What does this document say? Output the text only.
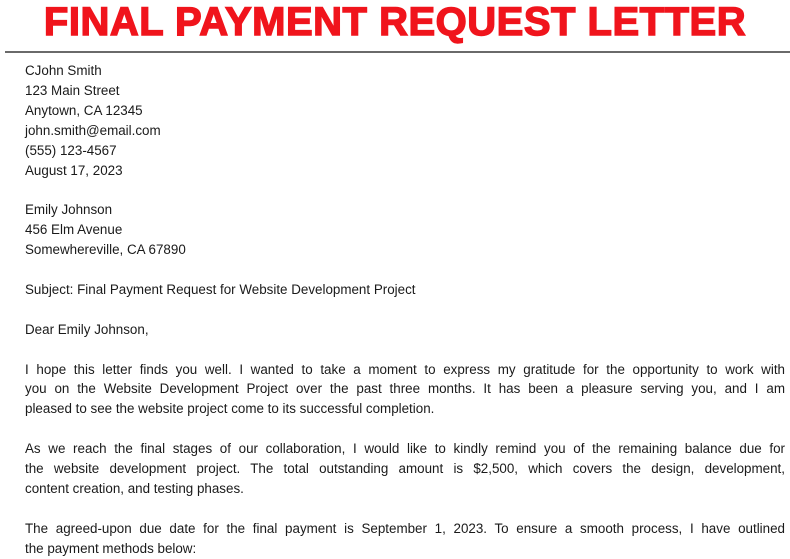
FINAL PAYMENT REQUEST LETTER
CJohn Smith
123 Main Street
Anytown, CA 12345
john.smith@email.com
(555) 123-4567
August 17, 2023
Emily Johnson
456 Elm Avenue
Somewhereville, CA 67890
Subject: Final Payment Request for Website Development Project
Dear Emily Johnson,
I hope this letter finds you well. I wanted to take a moment to express my gratitude for the opportunity to work with
you on the Website Development Project over the past three months. It has been a pleasure serving you, and I am
pleased to see the website project come to its successful completion.
As we reach the final stages of our collaboration, I would like to kindly remind you of the remaining balance due for
the website development project. The total outstanding amount is $2,500, which covers the design, development,
content creation, and testing phases.
The agreed-upon due date for the final payment is September 1, 2023. To ensure a smooth process, I have outlined
the payment methods below:
